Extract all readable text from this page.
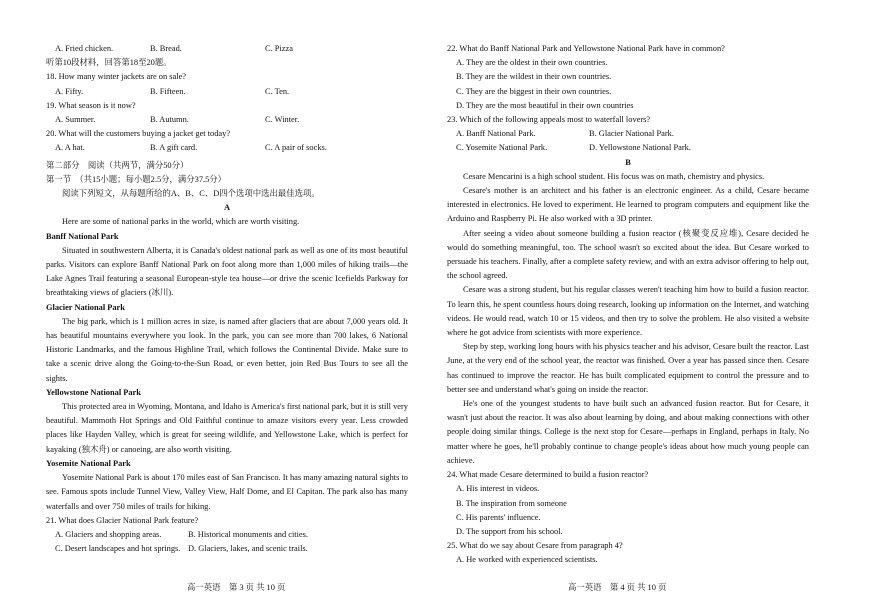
A. Fried chicken.	B. Bread.	C. Pizza
听第10段材料，回答第18至20题。
18. How many winter jackets are on sale?
A. Fifty.	B. Fifteen.	C. Ten.
19. What season is it now?
A. Summer.	B. Autumn.	C. Winter.
20. What will the customers buying a jacket get today?
A. A hat.	B. A gift card.	C. A pair of socks.
第二部分　阅读（共两节，满分50分）
第一节　（共15小题；每小题2.5分，满分37.5分）
阅读下列短文，从每题所给的A、B、C、D四个选项中选出最佳选项。
A
Here are some of national parks in the world, which are worth visiting.
Banff National Park
Situated in southwestern Alberta, it is Canada's oldest national park as well as one of its most beautiful parks. Visitors can explore Banff National Park on foot along more than 1,000 miles of hiking trails—the Lake Agnes Trail featuring a seasonal European-style tea house—or drive the scenic Icefields Parkway for breathtaking views of glaciers (冰川).
Glacier National Park
The big park, which is 1 million acres in size, is named after glaciers that are about 7,000 years old. It has beautiful mountains everywhere you look. In the park, you can see more than 700 lakes, 6 National Historic Landmarks, and the famous Highline Trail, which follows the Continental Divide. Make sure to take a scenic drive along the Going-to-the-Sun Road, or even better, join Red Bus Tours to see all the sights.
Yellowstone National Park
This protected area in Wyoming, Montana, and Idaho is America's first national park, but it is still very beautiful. Mammoth Hot Springs and Old Faithful continue to amaze visitors every year. Less crowded places like Hayden Valley, which is great for seeing wildlife, and Yellowstone Lake, which is perfect for kayaking (独木舟) or canoeing, are also worth visiting.
Yosemite National Park
Yosemite National Park is about 170 miles east of San Francisco. It has many amazing natural sights to see. Famous spots include Tunnel View, Valley View, Half Dome, and El Capitan. The park also has many waterfalls and over 750 miles of trails for hiking.
21. What does Glacier National Park feature?
A. Glaciers and shopping areas.	B. Historical monuments and cities.
C. Desert landscapes and hot springs. D. Glaciers, lakes, and scenic trails.
22. What do Banff National Park and Yellowstone National Park have in common?
A. They are the oldest in their own countries.
B. They are the wildest in their own countries.
C. They are the biggest in their own countries.
D. They are the most beautiful in their own countries
23. Which of the following appeals most to waterfall lovers?
A. Banff National Park.	B. Glacier National Park.
C. Yosemite National Park.	D. Yellowstone National Park.
B
Cesare Mencarini is a high school student. His focus was on math, chemistry and physics.
Cesare's mother is an architect and his father is an electronic engineer. As a child, Cesare became interested in electronics. He loved to experiment. He learned to program computers and equipment like the Arduino and Raspberry Pi. He also worked with a 3D printer.
After seeing a video about someone building a fusion reactor (核聚变反应堆), Cesare decided he would do something meaningful, too. The school wasn't so excited about the idea. But Cesare worked to persuade his teachers. Finally, after a complete safety review, and with an extra advisor offering to help out, the school agreed.
Cesare was a strong student, but his regular classes weren't teaching him how to build a fusion reactor. To learn this, he spent countless hours doing research, looking up information on the Internet, and watching videos. He would read, watch 10 or 15 videos, and then try to solve the problem. He also visited a website where he got advice from scientists with more experience.
Step by step, working long hours with his physics teacher and his advisor, Cesare built the reactor. Last June, at the very end of the school year, the reactor was finished. Over a year has passed since then. Cesare has continued to improve the reactor. He has built complicated equipment to control the pressure and to better see and understand what's going on inside the reactor.
He's one of the youngest students to have built such an advanced fusion reactor. But for Cesare, it wasn't just about the reactor. It was also about learning by doing, and about making connections with other people doing similar things. College is the next stop for Cesare—perhaps in England, perhaps in Italy. No matter where he goes, he'll probably continue to change people's ideas about how much young people can achieve.
24. What made Cesare determined to build a fusion reactor?
A. His interest in videos.
B. The inspiration from someone
C. His parents' influence.
D. The support from his school.
25. What do we say about Cesare from paragraph 4?
A. He worked with experienced scientists.
高一英语　第 3 页 共 10 页	高一英语　第 4 页 共 10 页
